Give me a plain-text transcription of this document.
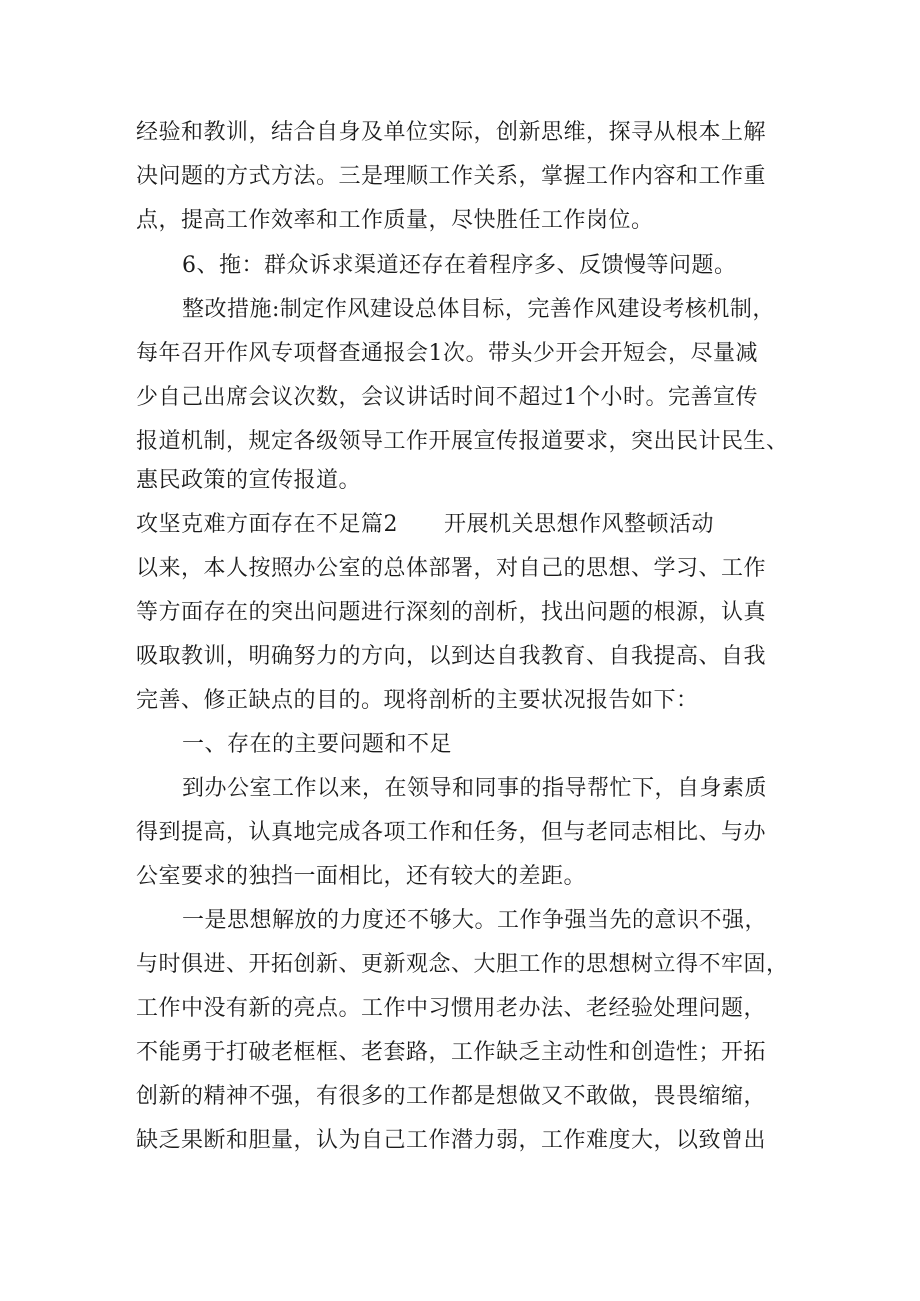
经验和教训，结合自身及单位实际，创新思维，探寻从根本上解
决问题的方式方法。三是理顺工作关系，掌握工作内容和工作重
点，提高工作效率和工作质量，尽快胜任工作岗位。
6、拖：群众诉求渠道还存在着程序多、反馈慢等问题。
整改措施:制定作风建设总体目标，完善作风建设考核机制，
每年召开作风专项督查通报会1次。带头少开会开短会，尽量减
少自己出席会议次数，会议讲话时间不超过1个小时。完善宣传
报道机制，规定各级领导工作开展宣传报道要求，突出民计民生、
惠民政策的宣传报道。
攻坚克难方面存在不足篇2 开展机关思想作风整顿活动
以来，本人按照办公室的总体部署，对自己的思想、学习、工作
等方面存在的突出问题进行深刻的剖析，找出问题的根源，认真
吸取教训，明确努力的方向，以到达自我教育、自我提高、自我
完善、修正缺点的目的。现将剖析的主要状况报告如下：
一、存在的主要问题和不足
到办公室工作以来，在领导和同事的指导帮忙下，自身素质
得到提高，认真地完成各项工作和任务，但与老同志相比、与办
公室要求的独挡一面相比，还有较大的差距。
一是思想解放的力度还不够大。工作争强当先的意识不强，
与时俱进、开拓创新、更新观念、大胆工作的思想树立得不牢固，
工作中没有新的亮点。工作中习惯用老办法、老经验处理问题，
不能勇于打破老框框、老套路，工作缺乏主动性和创造性；开拓
创新的精神不强，有很多的工作都是想做又不敢做，畏畏缩缩，
缺乏果断和胆量，认为自己工作潜力弱，工作难度大，以致曾出
